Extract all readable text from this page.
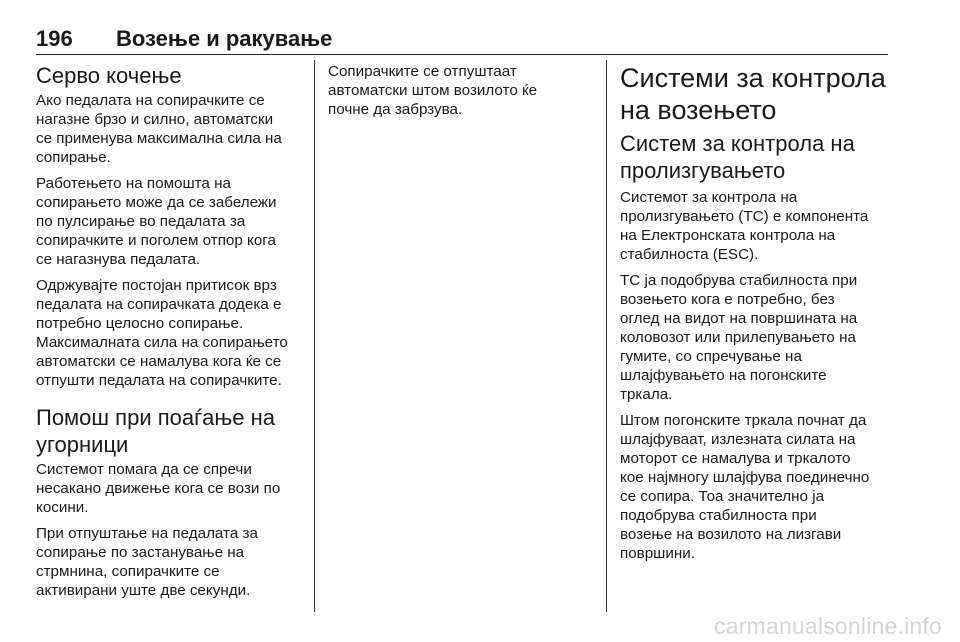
196 Возење и ракување
Серво кочење

Ако педалата на сопирачките се
нагазне брзо и силно, автоматски
се применува максимална сила на
сопирање.

Работењето на помошта на
сопирањето може да се забележи
по пулсирање во педалата за
сопирачките и поголем отпор кога
се нагазнува педалата.

Одржувајте постојан притисок врз
педалата на сопирачката додека е
потребно целосно сопирање.
Максималната сила на сопирањето
автоматски се намалува кога ќе се
отпушти педалата на сопирачките.

Помош при поаѓање на
угорници

Системот помага да се спречи
несакано движење кога се вози по
косини.

При отпуштање на педалата за
сопирање по застанување на
стрмнина, сопирачките се
активирани уште две секунди.

Сопирачките се отпуштаат
автоматски штом возилото ќе
почне да забрзува.

Системи за контрола
на возењето
Систем за контрола на
пролизгувањето

Системот за контрола на
пролизгувањето (TC) е компонента
на Електронската контрола на
стабилноста (ESC).

TC ја подобрува стабилноста при
возењето кога е потребно, без
оглед на видот на површината на
коловозот или прилепувањето на
гумите, со спречување на
шлајфувањето на погонските
тркала.

Штом погонските тркала почнат да
шлајфуваат, излезната силата на
моторот се намалува и тркалото
кое најмногу шлајфува поединечно
се сопира. Тоа значително ја
подобрува стабилноста при
возење на возилото на лизгави
површини.

carmanualsonline.info
